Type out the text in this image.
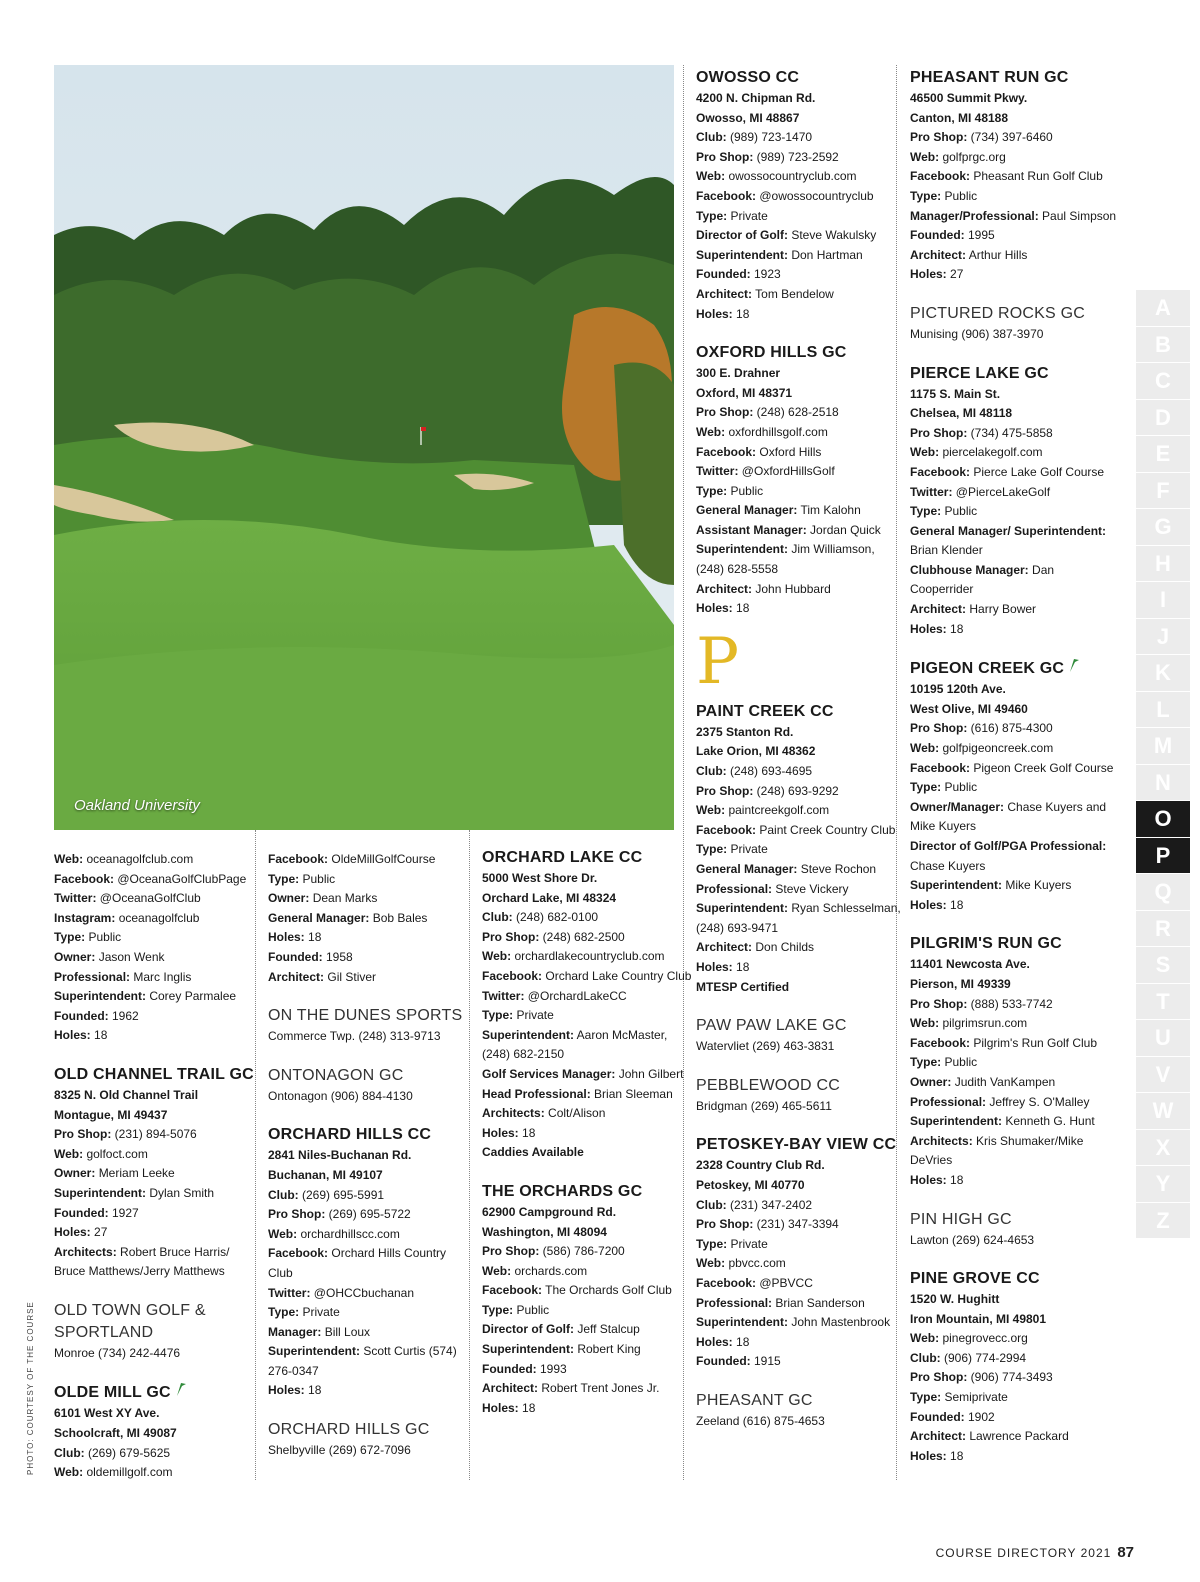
Oakland University
PHOTO: COURTESY OF THE COURSE
Web: oceanagolfclub.com
Facebook: @OceanaGolfClubPage
Twitter: @OceanaGolfClub
Instagram: oceanagolfclub
Type: Public
Owner: Jason Wenk
Professional: Marc Inglis
Superintendent: Corey Parmalee
Founded: 1962
Holes: 18
OLD CHANNEL TRAIL GC
8325 N. Old Channel Trail
Montague, MI 49437
Pro Shop: (231) 894-5076
Web: golfoct.com
Owner: Meriam Leeke
Superintendent: Dylan Smith
Founded: 1927
Holes: 27
Architects: Robert Bruce Harris/ Bruce Matthews/Jerry Matthews
OLD TOWN GOLF & SPORTLAND
Monroe (734) 242-4476
OLDE MILL GC
6101 West XY Ave.
Schoolcraft, MI 49087
Club: (269) 679-5625
Web: oldemillgolf.com
Facebook: OldeMillGolfCourse
Type: Public
Owner: Dean Marks
General Manager: Bob Bales
Holes: 18
Founded: 1958
Architect: Gil Stiver
ON THE DUNES SPORTS
Commerce Twp. (248) 313-9713
ONTONAGON GC
Ontonagon (906) 884-4130
ORCHARD HILLS CC
2841 Niles-Buchanan Rd.
Buchanan, MI 49107
Club: (269) 695-5991
Pro Shop: (269) 695-5722
Web: orchardhillscc.com
Facebook: Orchard Hills Country Club
Twitter: @OHCCbuchanan
Type: Private
Manager: Bill Loux
Superintendent: Scott Curtis (574) 276-0347
Holes: 18
ORCHARD HILLS GC
Shelbyville (269) 672-7096
ORCHARD LAKE CC
5000 West Shore Dr.
Orchard Lake, MI 48324
Club: (248) 682-0100
Pro Shop: (248) 682-2500
Web: orchardlakecountryclub.com
Facebook: Orchard Lake Country Club
Twitter: @OrchardLakeCC
Type: Private
Superintendent: Aaron McMaster, (248) 682-2150
Golf Services Manager: John Gilbert
Head Professional: Brian Sleeman
Architects: Colt/Alison
Holes: 18
Caddies Available
THE ORCHARDS GC
62900 Campground Rd.
Washington, MI 48094
Pro Shop: (586) 786-7200
Web: orchards.com
Facebook: The Orchards Golf Club
Type: Public
Director of Golf: Jeff Stalcup
Superintendent: Robert King
Founded: 1993
Architect: Robert Trent Jones Jr.
Holes: 18
OWOSSO CC
4200 N. Chipman Rd.
Owosso, MI 48867
Club: (989) 723-1470
Pro Shop: (989) 723-2592
Web: owossocountryclub.com
Facebook: @owossocountryclub
Type: Private
Director of Golf: Steve Wakulsky
Superintendent: Don Hartman
Founded: 1923
Architect: Tom Bendelow
Holes: 18
OXFORD HILLS GC
300 E. Drahner
Oxford, MI 48371
Pro Shop: (248) 628-2518
Web: oxfordhillsgolf.com
Facebook: Oxford Hills
Twitter: @OxfordHillsGolf
Type: Public
General Manager: Tim Kalohn
Assistant Manager: Jordan Quick
Superintendent: Jim Williamson, (248) 628-5558
Architect: John Hubbard
Holes: 18
P
PAINT CREEK CC
2375 Stanton Rd.
Lake Orion, MI 48362
Club: (248) 693-4695
Pro Shop: (248) 693-9292
Web: paintcreekgolf.com
Facebook: Paint Creek Country Club
Type: Private
General Manager: Steve Rochon
Professional: Steve Vickery
Superintendent: Ryan Schlesselman, (248) 693-9471
Architect: Don Childs
Holes: 18
MTESP Certified
PAW PAW LAKE GC
Watervliet (269) 463-3831
PEBBLEWOOD CC
Bridgman (269) 465-5611
PETOSKEY-BAY VIEW CC
2328 Country Club Rd.
Petoskey, MI 40770
Club: (231) 347-2402
Pro Shop: (231) 347-3394
Type: Private
Web: pbvcc.com
Facebook: @PBVCC
Professional: Brian Sanderson
Superintendent: John Mastenbrook
Holes: 18
Founded: 1915
PHEASANT GC
Zeeland (616) 875-4653
PHEASANT RUN GC
46500 Summit Pkwy.
Canton, MI 48188
Pro Shop: (734) 397-6460
Web: golfprgc.org
Facebook: Pheasant Run Golf Club
Type: Public
Manager/Professional: Paul Simpson
Founded: 1995
Architect: Arthur Hills
Holes: 27
PICTURED ROCKS GC
Munising (906) 387-3970
PIERCE LAKE GC
1175 S. Main St.
Chelsea, MI 48118
Pro Shop: (734) 475-5858
Web: piercelakegolf.com
Facebook: Pierce Lake Golf Course
Twitter: @PierceLakeGolf
Type: Public
General Manager/ Superintendent: Brian Klender
Clubhouse Manager: Dan Cooperrider
Architect: Harry Bower
Holes: 18
PIGEON CREEK GC
10195 120th Ave.
West Olive, MI 49460
Pro Shop: (616) 875-4300
Web: golfpigeoncreek.com
Facebook: Pigeon Creek Golf Course
Type: Public
Owner/Manager: Chase Kuyers and Mike Kuyers
Director of Golf/PGA Professional: Chase Kuyers
Superintendent: Mike Kuyers
Holes: 18
PILGRIM'S RUN GC
11401 Newcosta Ave.
Pierson, MI 49339
Pro Shop: (888) 533-7742
Web: pilgrimsrun.com
Facebook: Pilgrim's Run Golf Club
Type: Public
Owner: Judith VanKampen
Professional: Jeffrey S. O'Malley
Superintendent: Kenneth G. Hunt
Architects: Kris Shumaker/Mike DeVries
Holes: 18
PIN HIGH GC
Lawton (269) 624-4653
PINE GROVE CC
1520 W. Hughitt
Iron Mountain, MI 49801
Web: pinegrovecc.org
Club: (906) 774-2994
Pro Shop: (906) 774-3493
Type: Semiprivate
Founded: 1902
Architect: Lawrence Packard
Holes: 18
A
B
C
D
E
F
G
H
I
J
K
L
M
N
O
P
Q
R
S
T
U
V
W
X
Y
Z
COURSE DIRECTORY 2021 87
